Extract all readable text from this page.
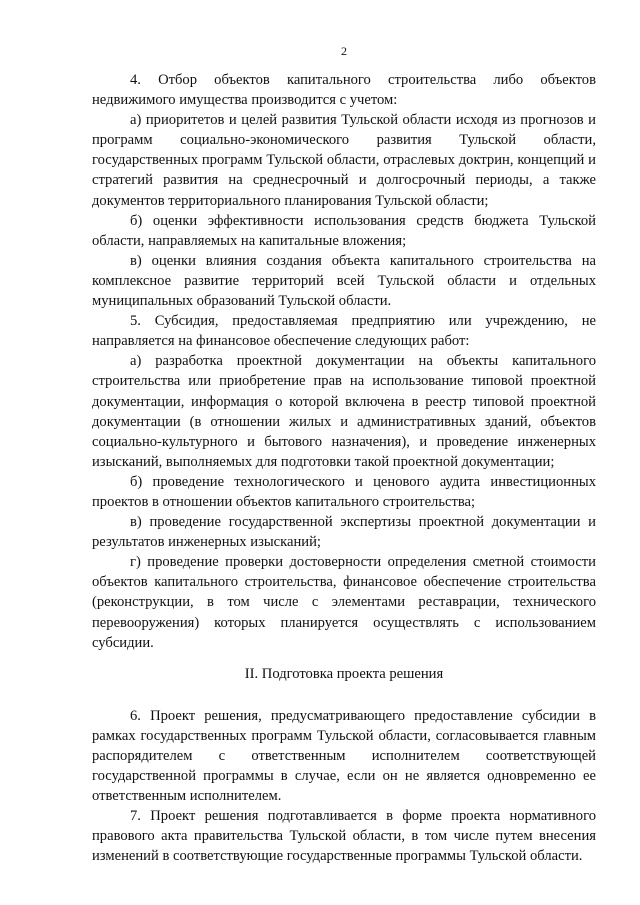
2

4. Отбор объектов капитального строительства либо объектов недвижимого имущества производится с учетом:

а) приоритетов и целей развития Тульской области исходя из прогнозов и программ социально-экономического развития Тульской области, государственных программ Тульской области, отраслевых доктрин, концепций и стратегий развития на среднесрочный и долгосрочный периоды, а также документов территориального планирования Тульской области;

б) оценки эффективности использования средств бюджета Тульской области, направляемых на капитальные вложения;

в) оценки влияния создания объекта капитального строительства на комплексное развитие территорий всей Тульской области и отдельных муниципальных образований Тульской области.

5. Субсидия, предоставляемая предприятию или учреждению, не направляется на финансовое обеспечение следующих работ:

а) разработка проектной документации на объекты капитального строительства или приобретение прав на использование типовой проектной документации, информация о которой включена в реестр типовой проектной документации (в отношении жилых и административных зданий, объектов социально-культурного и бытового назначения), и проведение инженерных изысканий, выполняемых для подготовки такой проектной документации;

б) проведение технологического и ценового аудита инвестиционных проектов в отношении объектов капитального строительства;

в) проведение государственной экспертизы проектной документации и результатов инженерных изысканий;

г) проведение проверки достоверности определения сметной стоимости объектов капитального строительства, финансовое обеспечение строительства (реконструкции, в том числе с элементами реставрации, технического перевооружения) которых планируется осуществлять с использованием субсидии.

II. Подготовка проекта решения

6. Проект решения, предусматривающего предоставление субсидии в рамках государственных программ Тульской области, согласовывается главным распорядителем с ответственным исполнителем соответствующей государственной программы в случае, если он не является одновременно ее ответственным исполнителем.

7. Проект решения подготавливается в форме проекта нормативного правового акта правительства Тульской области, в том числе путем внесения изменений в соответствующие государственные программы Тульской области.
